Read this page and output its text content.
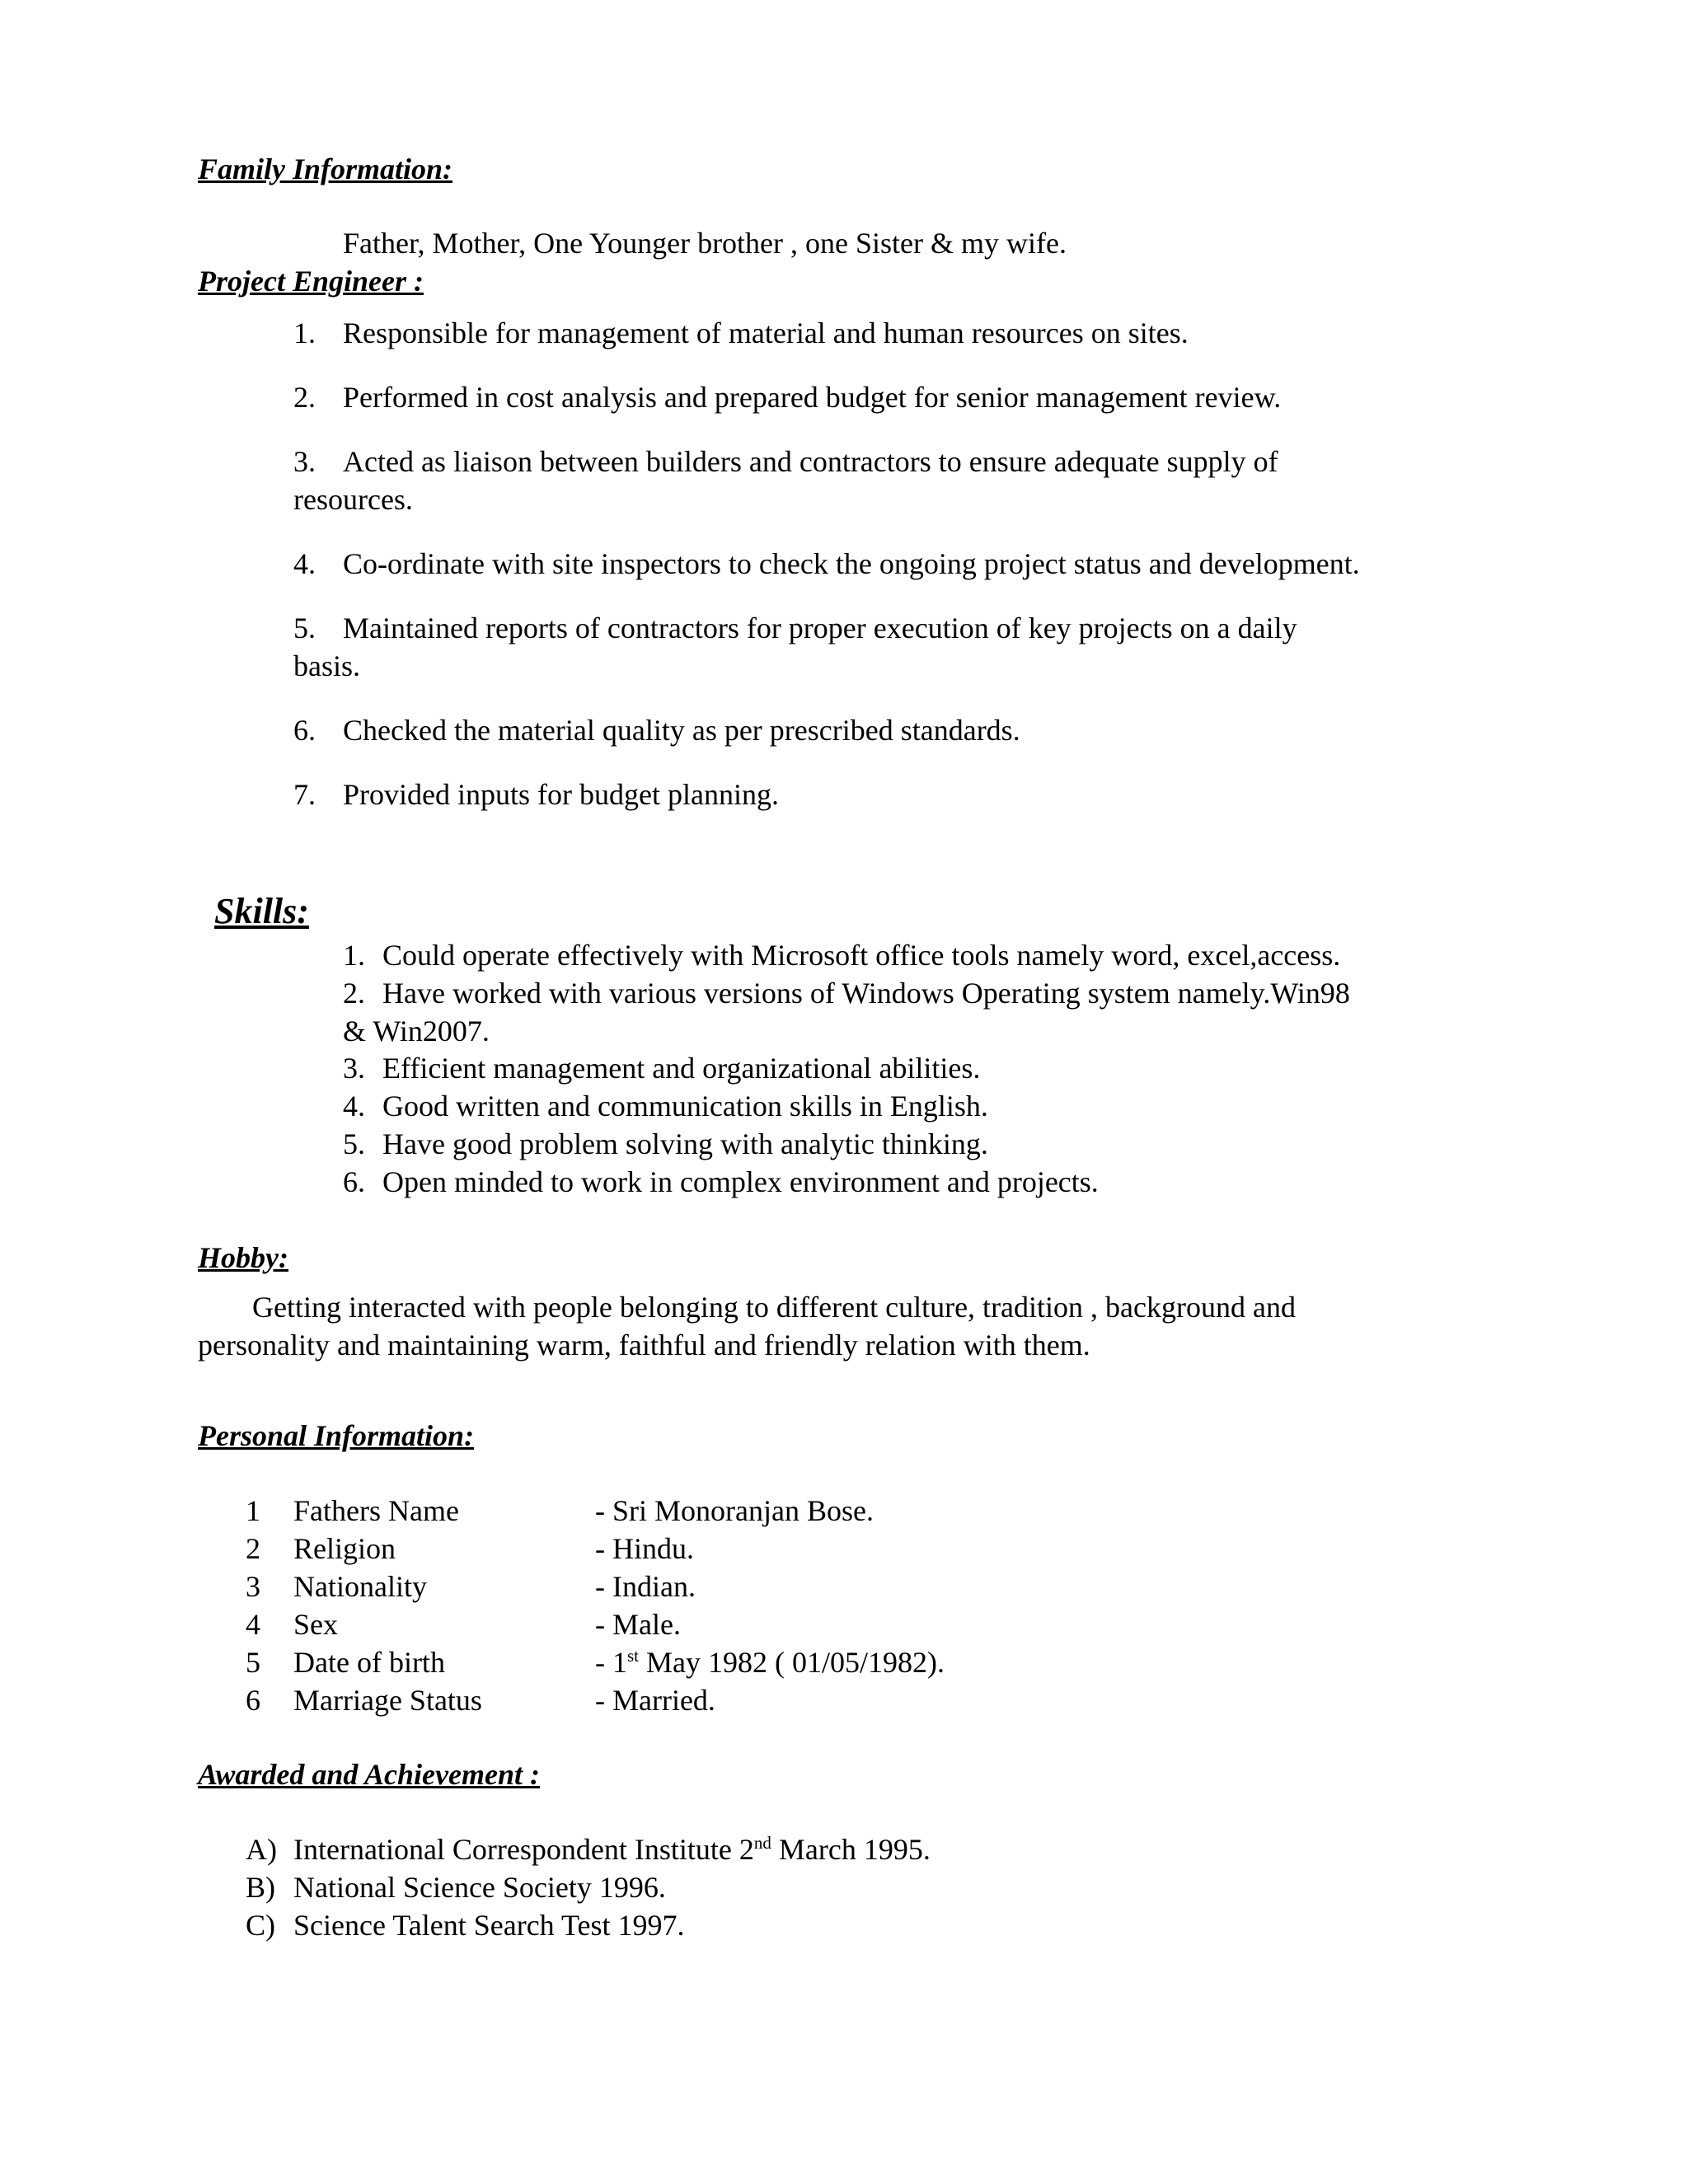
Family Information:
Father, Mother, One Younger brother , one Sister & my wife.
Project Engineer :
1. Responsible for management of material and human resources on sites.
2. Performed in cost analysis and prepared budget for senior management review.
3. Acted as liaison between builders and contractors to ensure adequate supply of
resources.
4. Co-ordinate with site inspectors to check the ongoing project status and development.
5. Maintained reports of contractors for proper execution of key projects on a daily
basis.
6. Checked the material quality as per prescribed standards.
7. Provided inputs for budget planning.
Skills:
1. Could operate effectively with Microsoft office tools namely word, excel,access.
2. Have worked with various versions of Windows Operating system namely.Win98
& Win2007.
3. Efficient management and organizational abilities.
4. Good written and communication skills in English.
5. Have good problem solving with analytic thinking.
6. Open minded to work in complex environment and projects.
Hobby:
Getting interacted with people belonging to different culture, tradition , background and
personality and maintaining warm, faithful and friendly relation with them.
Personal Information:
1 Fathers Name	- Sri Monoranjan Bose.
2 Religion	- Hindu.
3 Nationality	- Indian.
4 Sex	- Male.
5 Date of birth	- 1st May 1982 ( 01/05/1982).
6 Marriage Status	- Married.
Awarded and Achievement :
A) International Correspondent Institute 2nd March 1995.
B) National Science Society 1996.
C) Science Talent Search Test 1997.
